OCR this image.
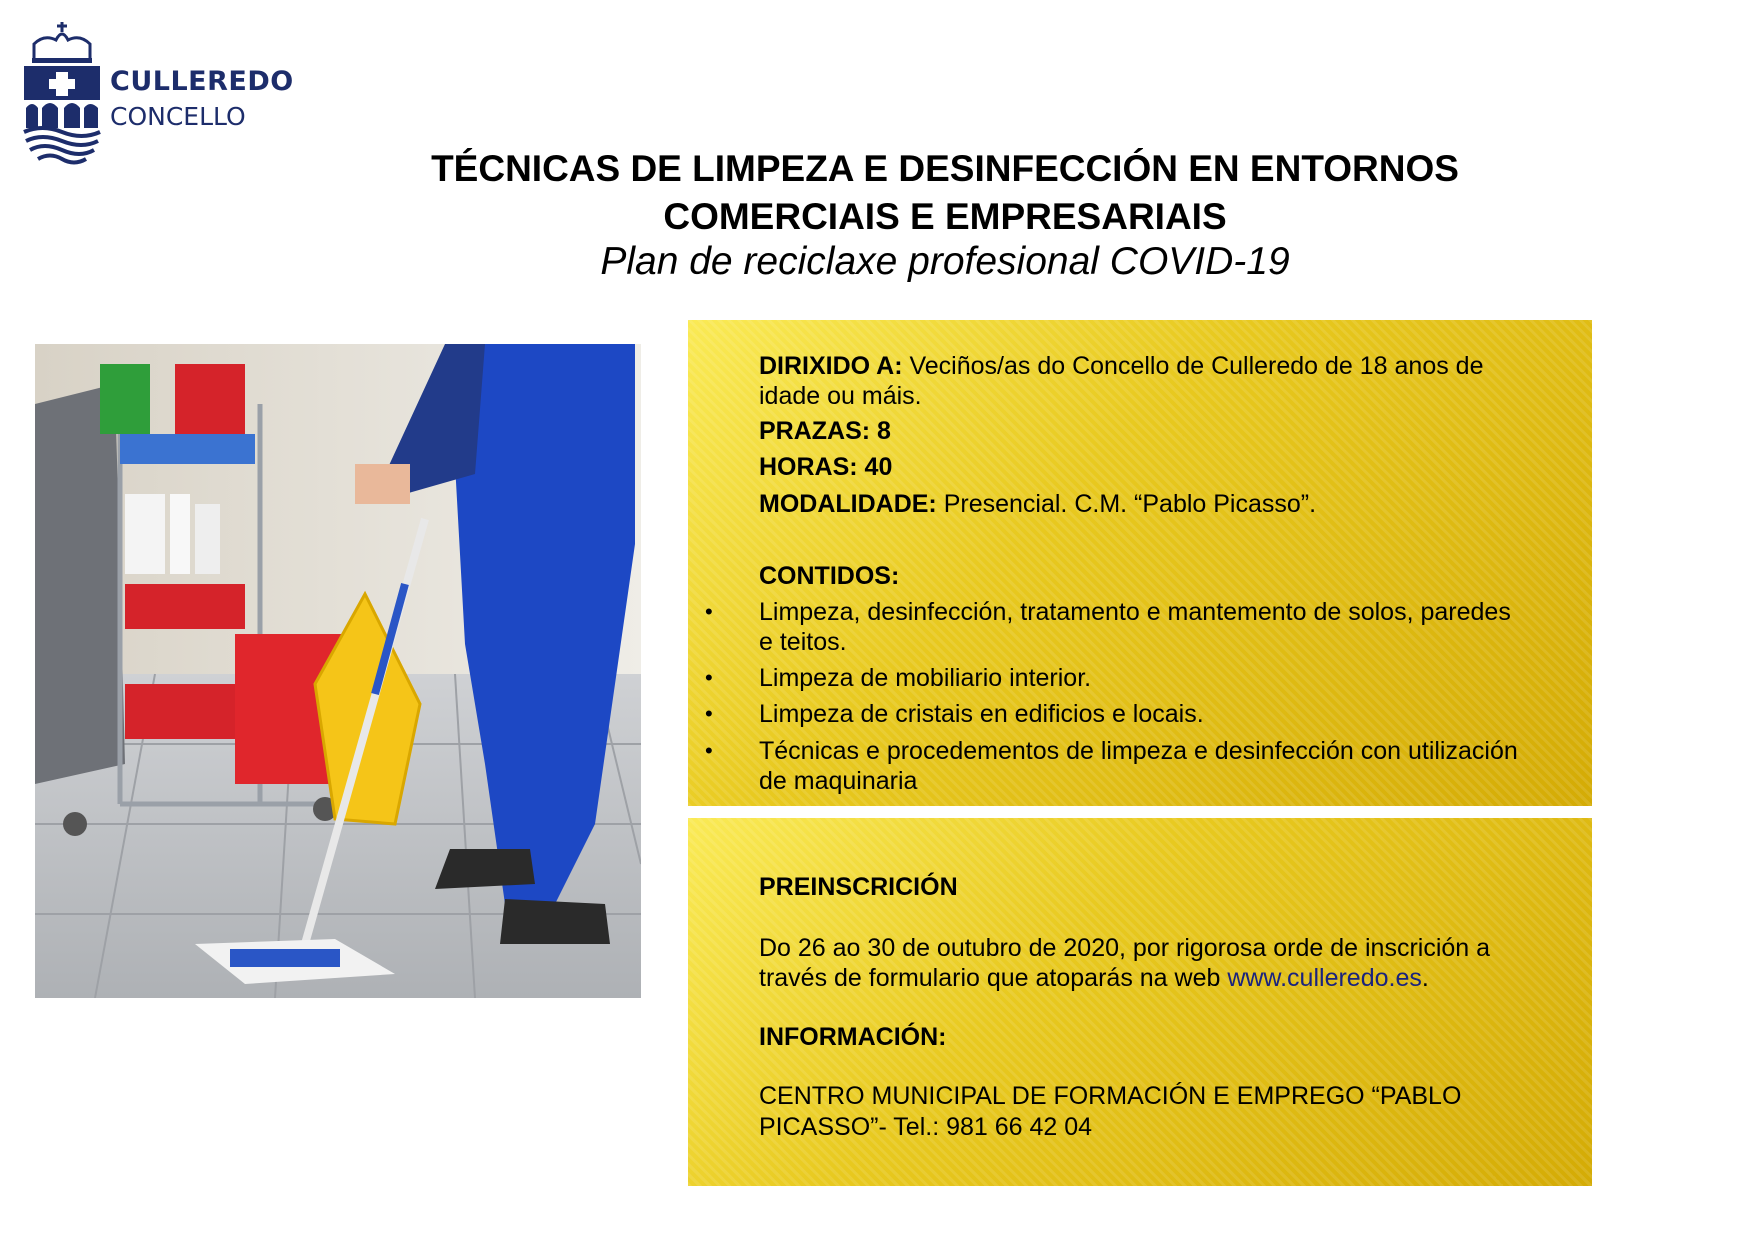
CULLEREDO
CONCELLO
TÉCNICAS DE LIMPEZA E DESINFECCIÓN EN ENTORNOS
COMERCIAIS E EMPRESARIAIS
Plan de reciclaxe profesional COVID-19
DIRIXIDO A: Veciños/as do Concello de Culleredo de 18 anos de
idade ou máis.
PRAZAS: 8
HORAS: 40
MODALIDADE: Presencial. C.M. “Pablo Picasso”.
CONTIDOS:
• Limpeza, desinfección, tratamento e mantemento de solos, paredes
e teitos.
• Limpeza de mobiliario interior.
• Limpeza de cristais en edificios e locais.
• Técnicas e procedementos de limpeza e desinfección con utilización
de maquinaria
PREINSCRICIÓN
Do 26 ao 30 de outubro de 2020, por rigorosa orde de inscrición a
través de formulario que atoparás na web www.culleredo.es.
INFORMACIÓN:
CENTRO MUNICIPAL DE FORMACIÓN E EMPREGO “PABLO
PICASSO”- Tel.: 981 66 42 04
